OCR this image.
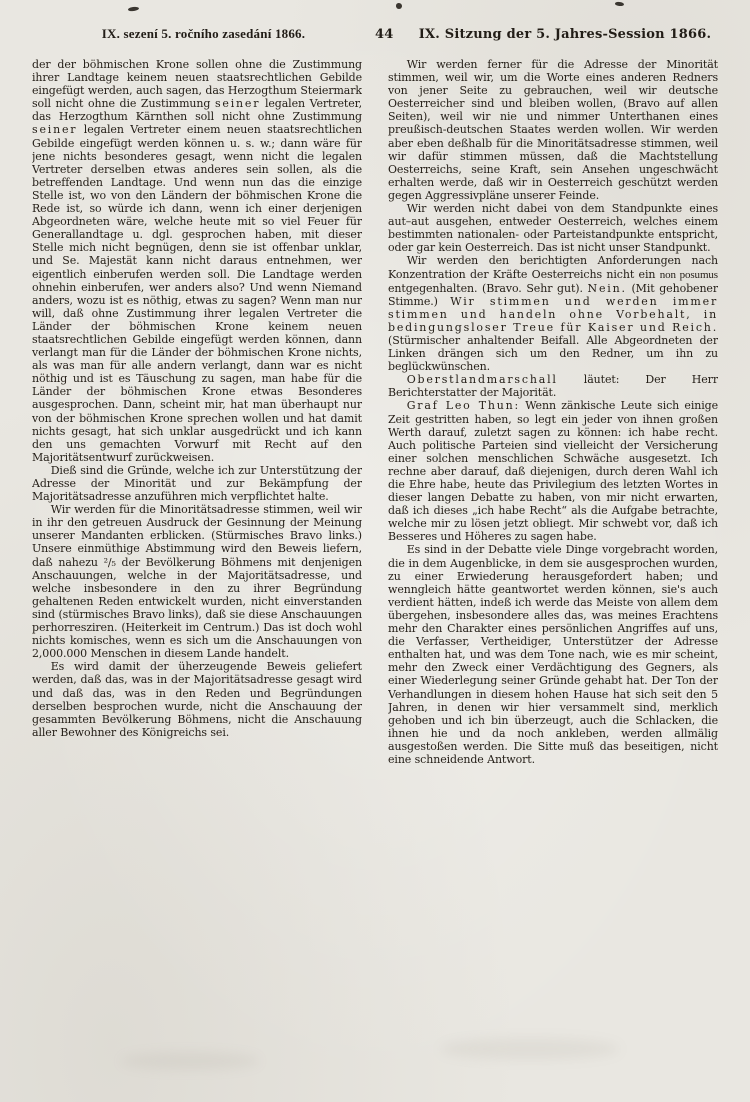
IX. sezení 5. ročního zasedání 1866.	44	IX. Sitzung der 5. Jahres-Session 1866.

der der böhmischen Krone sollen ohne die Zustimmung ihrer Landtage keinem neuen staatsrechtlichen Gebilde eingefügt werden, auch sagen, das Herzogthum Steiermark soll nicht ohne die Zustimmung seiner legalen Vertreter, das Herzogthum Kärnthen soll nicht ohne Zustimmung seiner legalen Vertreter einem neuen staatsrechtlichen Gebilde eingefügt werden können u. s. w.; dann wäre für jene nichts besonderes gesagt, wenn nicht die legalen Vertreter derselben etwas anderes sein sollen, als die betreffenden Landtage. Und wenn nun das die einzige Stelle ist, wo von den Ländern der böhmischen Krone die Rede ist, so würde ich dann, wenn ich einer derjenigen Abgeordneten wäre, welche heute mit so viel Feuer für Generallandtage u. dgl. gesprochen haben, mit dieser Stelle mich nicht begnügen, denn sie ist offenbar unklar, und Se. Majestät kann nicht daraus entnehmen, wer eigentlich einberufen werden soll. Die Landtage werden ohnehin einberufen, wer anders also? Und wenn Niemand anders, wozu ist es nöthig, etwas zu sagen? Wenn man nur will, daß ohne Zustimmung ihrer legalen Vertreter die Länder der böhmischen Krone keinem neuen staatsrechtlichen Gebilde eingefügt werden können, dann verlangt man für die Länder der böhmischen Krone nichts, als was man für alle andern verlangt, dann war es nicht nöthig und ist es Täuschung zu sagen, man habe für die Länder der böhmischen Krone etwas Besonderes ausgesprochen. Dann, scheint mir, hat man überhaupt nur von der böhmischen Krone sprechen wollen und hat damit nichts gesagt, hat sich unklar ausgedrückt und ich kann den uns gemachten Vorwurf mit Recht auf den Majoritätsentwurf zurückweisen.

Dieß sind die Gründe, welche ich zur Unterstützung der Adresse der Minorität und zur Bekämpfung der Majoritätsadresse anzuführen mich verpflichtet halte.

Wir werden für die Minoritätsadresse stimmen, weil wir in ihr den getreuen Ausdruck der Gesinnung der Meinung unserer Mandanten erblicken. (Stürmisches Bravo links.) Unsere einmüthige Abstimmung wird den Beweis liefern, daß nahezu ²/₅ der Bevölkerung Böhmens mit denjenigen Anschauungen, welche in der Majoritätsadresse, und welche insbesondere in den zu ihrer Begründung gehaltenen Reden entwickelt wurden, nicht einverstanden sind (stürmisches Bravo links), daß sie diese Anschauungen perhorresziren. (Heiterkeit im Centrum.) Das ist doch wohl nichts komisches, wenn es sich um die Anschauungen von 2,000.000 Menschen in diesem Lande handelt.

Es wird damit der üherzeugende Beweis geliefert werden, daß das, was in der Majoritätsadresse gesagt wird und daß das, was in den Reden und Begründungen derselben besprochen wurde, nicht die Anschauung der gesammten Bevölkerung Böhmens, nicht die Anschauung aller Bewohner des Königreichs sei.

Wir werden ferner für die Adresse der Minorität stimmen, weil wir, um die Worte eines anderen Redners von jener Seite zu gebrauchen, weil wir deutsche Oesterreicher sind und bleiben wollen, (Bravo auf allen Seiten), weil wir nie und nimmer Unterthanen eines preußisch-deutschen Staates werden wollen. Wir werden aber eben deßhalb für die Minoritätsadresse stimmen, weil wir dafür stimmen müssen, daß die Machtstellung Oesterreichs, seine Kraft, sein Ansehen ungeschwächt erhalten werde, daß wir in Oesterreich geschützt werden gegen Aggressivpläne unserer Feinde.

Wir werden nicht dabei von dem Standpunkte eines aut–aut ausgehen, entweder Oesterreich, welches einem bestimmten nationalen- oder Parteistandpunkte entspricht, oder gar kein Oesterreich. Das ist nicht unser Standpunkt.

Wir werden den berichtigten Anforderungen nach Konzentration der Kräfte Oesterreichs nicht ein non posumus entgegenhalten. (Bravo. Sehr gut). Nein. (Mit gehobener Stimme.) Wir stimmen und werden immer stimmen und handeln ohne Vorbehalt, in bedingungsloser Treue für Kaiser und Reich. (Stürmischer anhaltender Beifall. Alle Abgeordneten der Linken drängen sich um den Redner, um ihn zu beglückwünschen.

Oberstlandmarschall läutet: Der Herr Berichterstatter der Majorität.

Graf Leo Thun: Wenn zänkische Leute sich einige Zeit gestritten haben, so legt ein jeder von ihnen großen Werth darauf, zuletzt sagen zu können: ich habe recht. Auch politische Parteien sind vielleicht der Versicherung einer solchen menschlichen Schwäche ausgesetzt. Ich rechne aber darauf, daß diejenigen, durch deren Wahl ich die Ehre habe, heute das Privilegium des letzten Wortes in dieser langen Debatte zu haben, von mir nicht erwarten, daß ich dieses „ich habe Recht“ als die Aufgabe betrachte, welche mir zu lösen jetzt obliegt. Mir schwebt vor, daß ich Besseres und Höheres zu sagen habe.

Es sind in der Debatte viele Dinge vorgebracht worden, die in dem Augenblicke, in dem sie ausgesprochen wurden, zu einer Erwiederung herausgefordert haben; und wenngleich hätte geantwortet werden können, sie's auch verdient hätten, indeß ich werde das Meiste von allem dem übergehen, insbesondere alles das, was meines Erachtens mehr den Charakter eines persönlichen Angriffes auf uns, die Verfasser, Vertheidiger, Unterstützer der Adresse enthalten hat, und was dem Tone nach, wie es mir scheint, mehr den Zweck einer Verdächtigung des Gegners, als einer Wiederlegung seiner Gründe gehabt hat. Der Ton der Verhandlungen in diesem hohen Hause hat sich seit den 5 Jahren, in denen wir hier versammelt sind, merklich gehoben und ich bin überzeugt, auch die Schlacken, die ihnen hie und da noch ankleben, werden allmälig ausgestoßen werden. Die Sitte muß das beseitigen, nicht eine schneidende Antwort.
